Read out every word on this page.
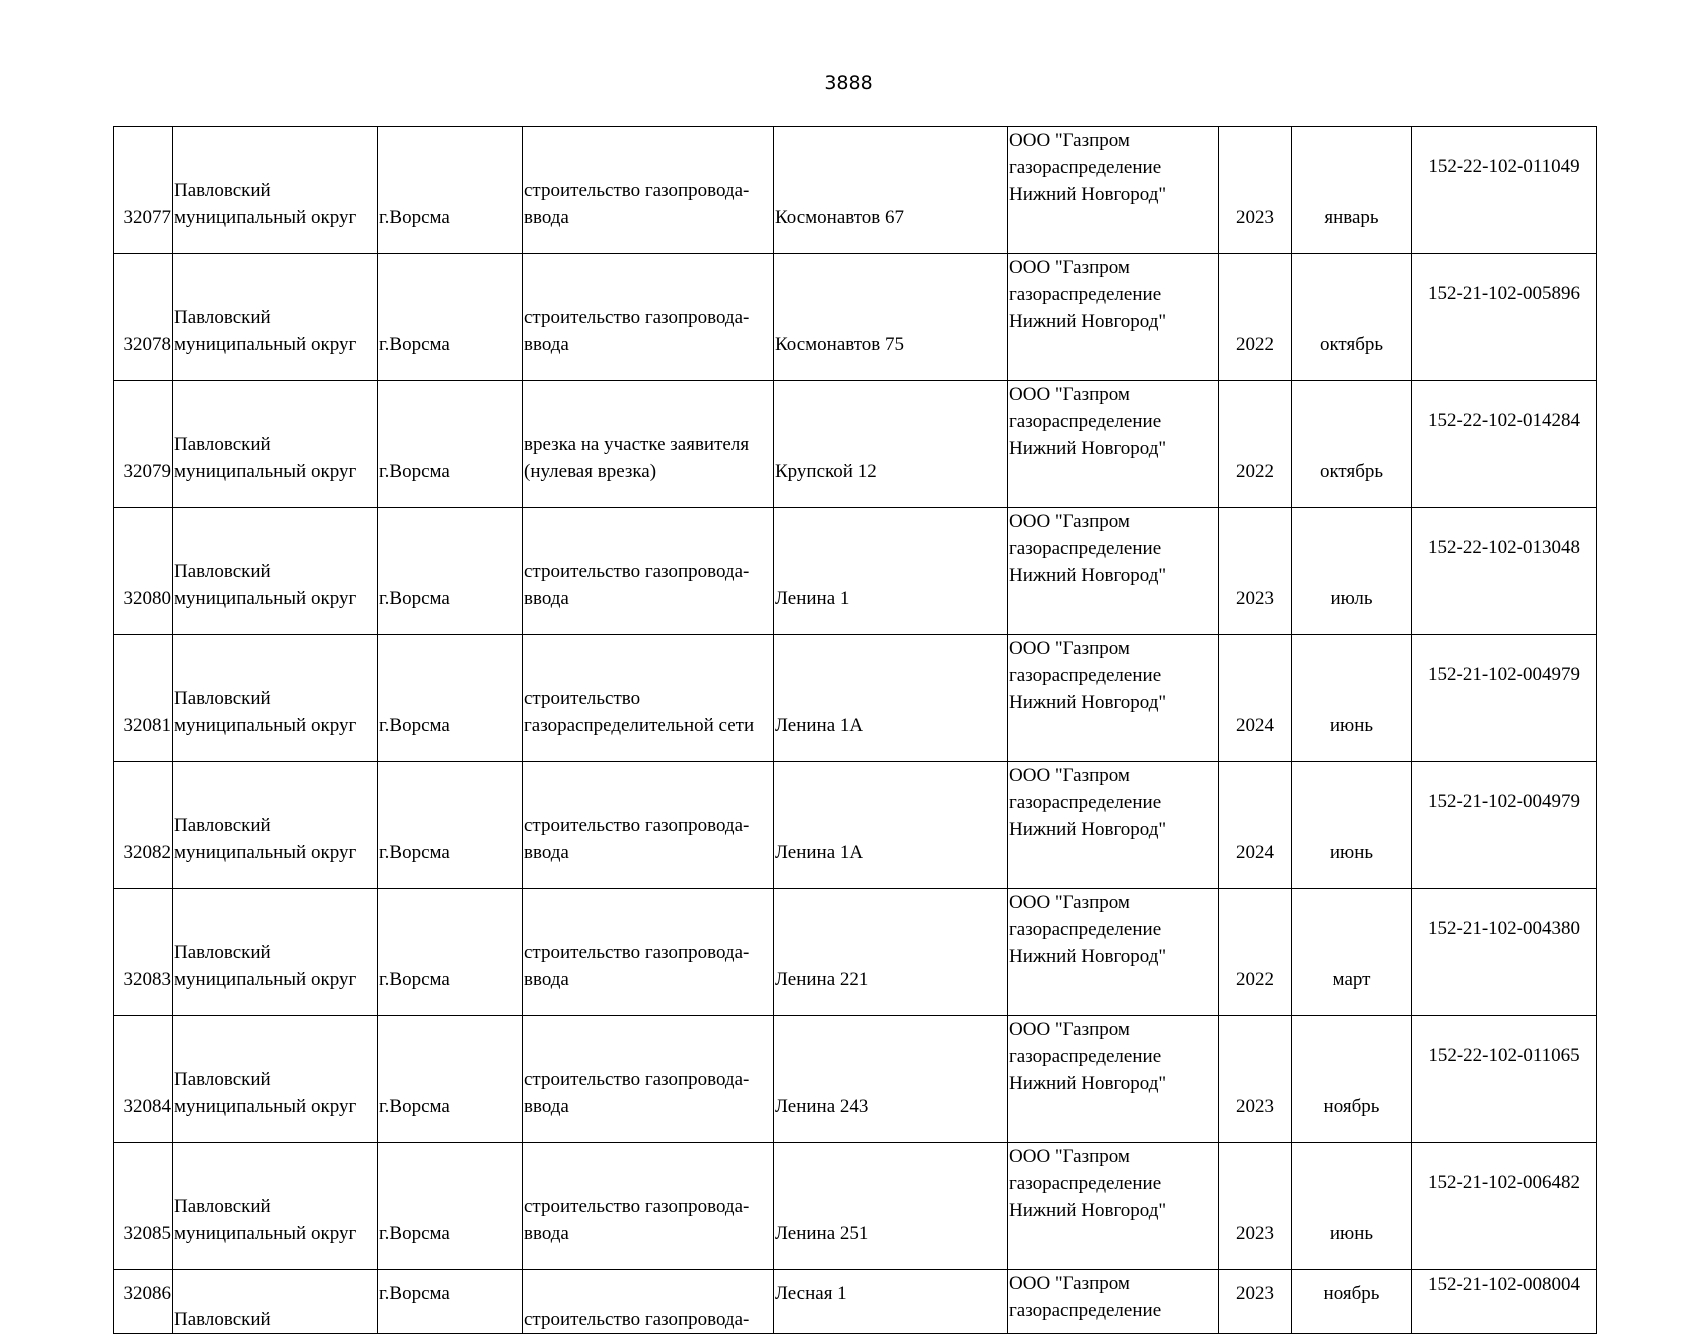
3888
32077	Павловский
муниципальный округ	г.Ворсма	строительство газопровода-
ввода	Космонавтов 67	ООО "Газпром
газораспределение
Нижний Новгород"	2023	январь	152-22-102-011049
32078	Павловский
муниципальный округ	г.Ворсма	строительство газопровода-
ввода	Космонавтов 75	ООО "Газпром
газораспределение
Нижний Новгород"	2022	октябрь	152-21-102-005896
32079	Павловский
муниципальный округ	г.Ворсма	врезка на участке заявителя
(нулевая врезка)	Крупской 12	ООО "Газпром
газораспределение
Нижний Новгород"	2022	октябрь	152-22-102-014284
32080	Павловский
муниципальный округ	г.Ворсма	строительство газопровода-
ввода	Ленина 1	ООО "Газпром
газораспределение
Нижний Новгород"	2023	июль	152-22-102-013048
32081	Павловский
муниципальный округ	г.Ворсма	строительство
газораспределительной сети	Ленина 1А	ООО "Газпром
газораспределение
Нижний Новгород"	2024	июнь	152-21-102-004979
32082	Павловский
муниципальный округ	г.Ворсма	строительство газопровода-
ввода	Ленина 1А	ООО "Газпром
газораспределение
Нижний Новгород"	2024	июнь	152-21-102-004979
32083	Павловский
муниципальный округ	г.Ворсма	строительство газопровода-
ввода	Ленина 221	ООО "Газпром
газораспределение
Нижний Новгород"	2022	март	152-21-102-004380
32084	Павловский
муниципальный округ	г.Ворсма	строительство газопровода-
ввода	Ленина 243	ООО "Газпром
газораспределение
Нижний Новгород"	2023	ноябрь	152-22-102-011065
32085	Павловский
муниципальный округ	г.Ворсма	строительство газопровода-
ввода	Ленина 251	ООО "Газпром
газораспределение
Нижний Новгород"	2023	июнь	152-21-102-006482
32086	Павловский	г.Ворсма	строительство газопровода-	Лесная 1	ООО "Газпром
газораспределение	2023	ноябрь	152-21-102-008004
